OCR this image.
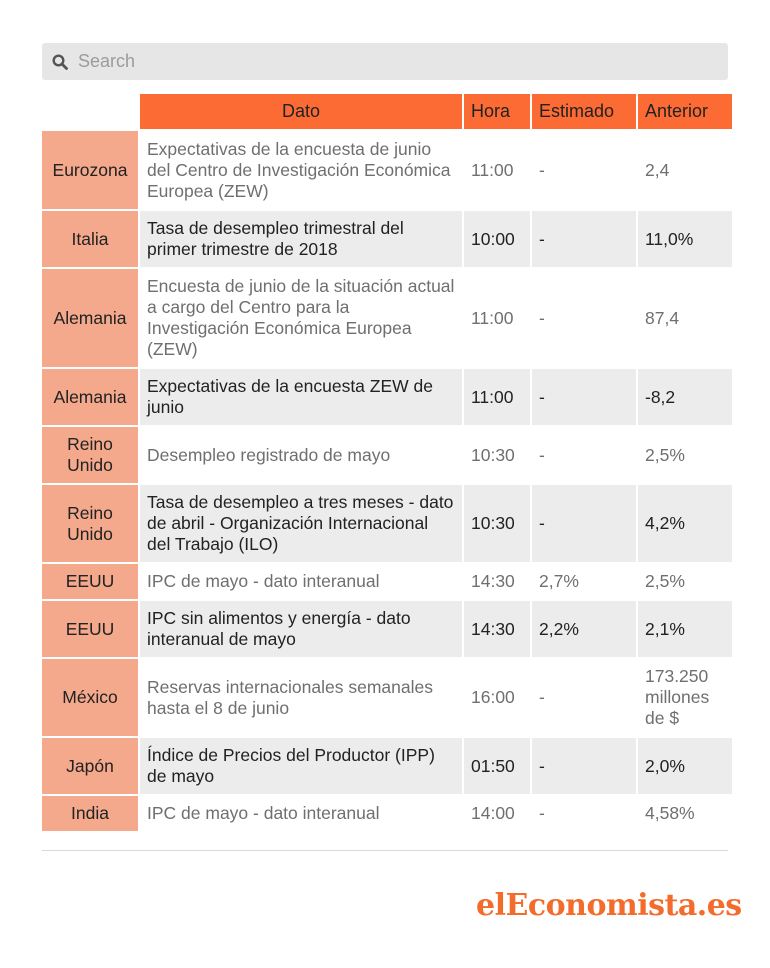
Search
	Dato	Hora	Estimado	Anterior
Eurozona	Expectativas de la encuesta de junio del Centro de Investigación Económica Europea (ZEW)	11:00	-	2,4
Italia	Tasa de desempleo trimestral del primer trimestre de 2018	10:00	-	11,0%
Alemania	Encuesta de junio de la situación actual a cargo del Centro para la Investigación Económica Europea (ZEW)	11:00	-	87,4
Alemania	Expectativas de la encuesta ZEW de junio	11:00	-	-8,2
Reino Unido	Desempleo registrado de mayo	10:30	-	2,5%
Reino Unido	Tasa de desempleo a tres meses - dato de abril - Organización Internacional del Trabajo (ILO)	10:30	-	4,2%
EEUU	IPC de mayo - dato interanual	14:30	2,7%	2,5%
EEUU	IPC sin alimentos y energía - dato interanual de mayo	14:30	2,2%	2,1%
México	Reservas internacionales semanales hasta el 8 de junio	16:00	-	173.250 millones de $
Japón	Índice de Precios del Productor (IPP) de mayo	01:50	-	2,0%
India	IPC de mayo - dato interanual	14:00	-	4,58%
elEconomista.es
